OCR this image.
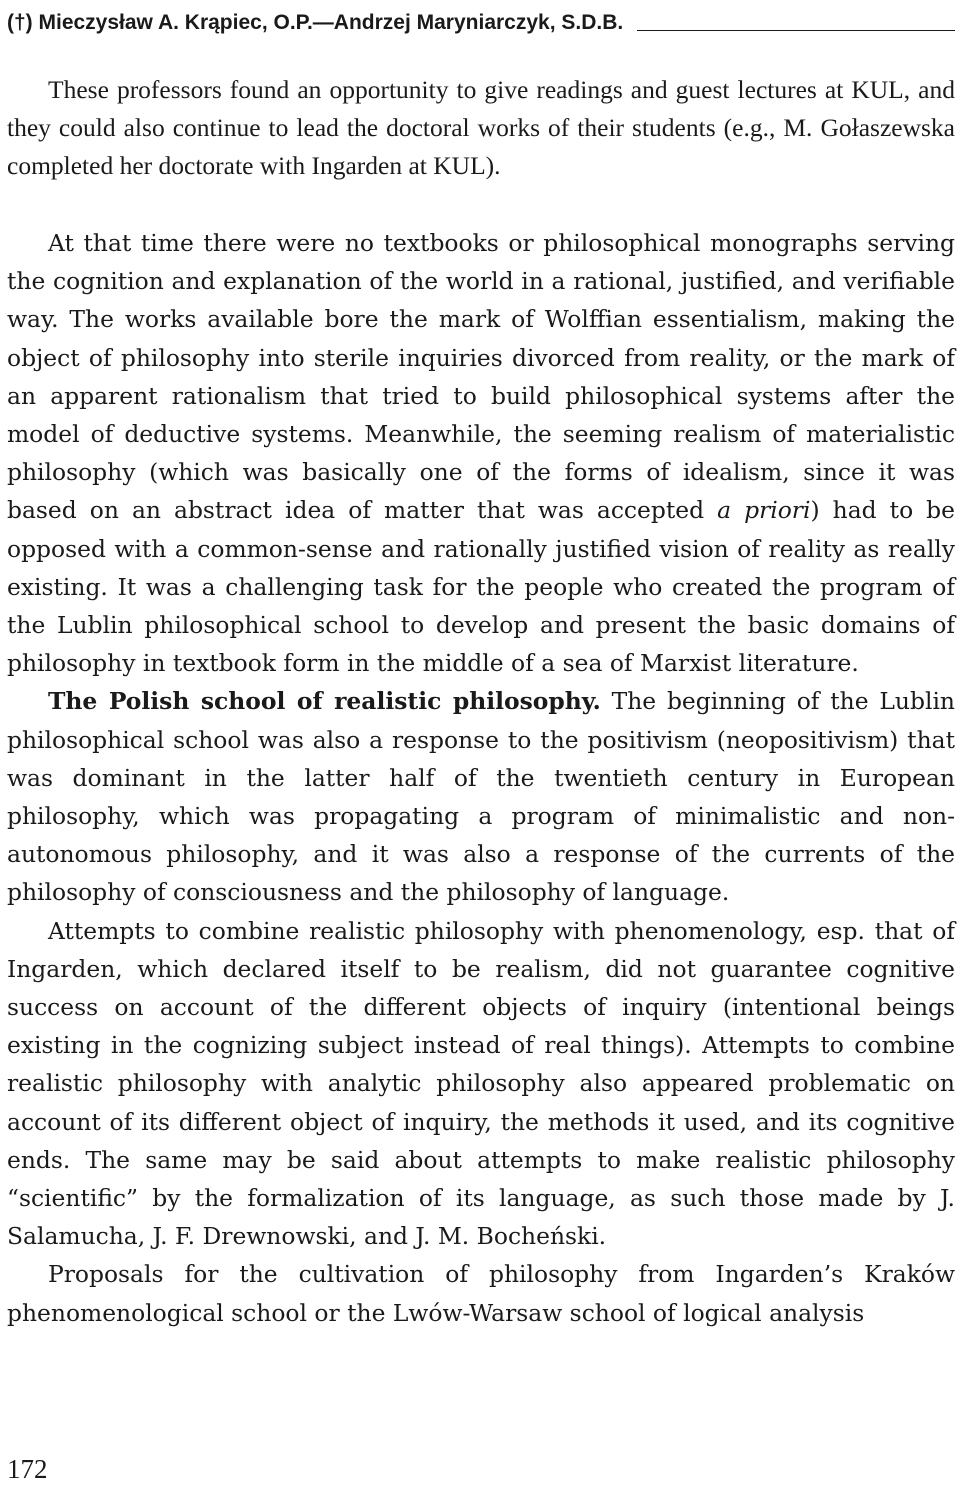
(†) Mieczysław A. Krąpiec, O.P.—Andrzej Maryniarczyk, S.D.B.

These professors found an opportunity to give readings and guest lectures at KUL, and they could also continue to lead the doctoral works of their students (e.g., M. Gołaszewska completed her doctorate with Ingarden at KUL).

At that time there were no textbooks or philosophical monographs serving the cognition and explanation of the world in a rational, justified, and verifiable way. The works available bore the mark of Wolffian essentialism, making the object of philosophy into sterile inquiries divorced from reality, or the mark of an apparent rationalism that tried to build philosophical systems after the model of deductive systems. Meanwhile, the seeming realism of materialistic philosophy (which was basically one of the forms of idealism, since it was based on an abstract idea of matter that was accepted a priori) had to be opposed with a common-sense and rationally justified vision of reality as really existing. It was a challenging task for the people who created the program of the Lublin philosophical school to develop and present the basic domains of philosophy in textbook form in the middle of a sea of Marxist literature.

The Polish school of realistic philosophy. The beginning of the Lublin philosophical school was also a response to the positivism (neopositivism) that was dominant in the latter half of the twentieth century in European philosophy, which was propagating a program of minimalistic and non-autonomous philosophy, and it was also a response of the currents of the philosophy of consciousness and the philosophy of language.

Attempts to combine realistic philosophy with phenomenology, esp. that of Ingarden, which declared itself to be realism, did not guarantee cognitive success on account of the different objects of inquiry (intentional beings existing in the cognizing subject instead of real things). Attempts to combine realistic philosophy with analytic philosophy also appeared problematic on account of its different object of inquiry, the methods it used, and its cognitive ends. The same may be said about attempts to make realistic philosophy “scientific” by the formalization of its language, as such those made by J. Salamucha, J. F. Drewnowski, and J. M. Bocheński.

Proposals for the cultivation of philosophy from Ingarden’s Kraków phenomenological school or the Lwów-Warsaw school of logical analysis

172
